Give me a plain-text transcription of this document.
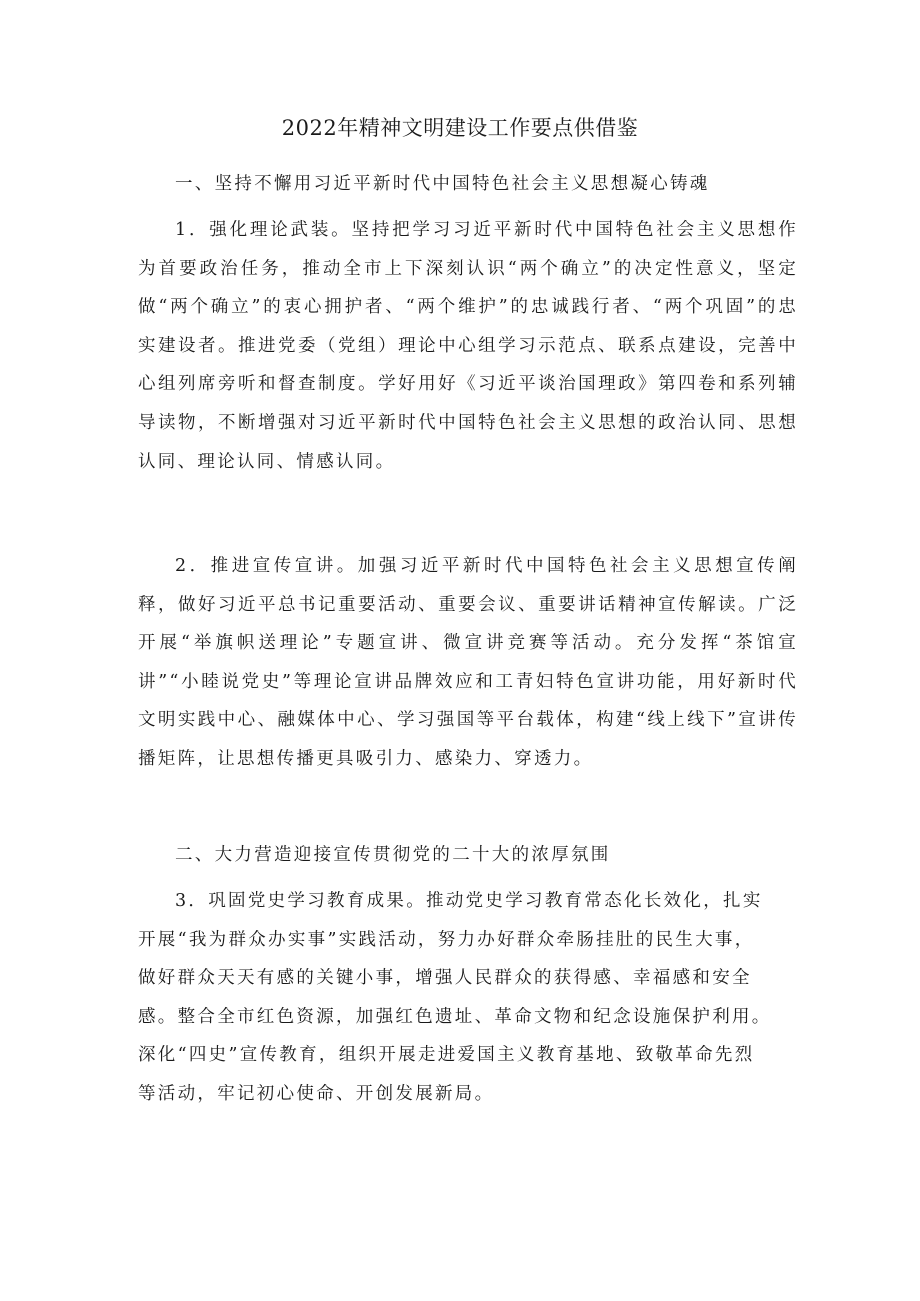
2022年精神文明建设工作要点供借鉴

一、坚持不懈用习近平新时代中国特色社会主义思想凝心铸魂

1．强化理论武装。坚持把学习习近平新时代中国特色社会主义思想作为首要政治任务，推动全市上下深刻认识“两个确立”的决定性意义，坚定做“两个确立”的衷心拥护者、“两个维护”的忠诚践行者、“两个巩固”的忠实建设者。推进党委（党组）理论中心组学习示范点、联系点建设，完善中心组列席旁听和督查制度。学好用好《习近平谈治国理政》第四卷和系列辅导读物，不断增强对习近平新时代中国特色社会主义思想的政治认同、思想认同、理论认同、情感认同。

2．推进宣传宣讲。加强习近平新时代中国特色社会主义思想宣传阐释，做好习近平总书记重要活动、重要会议、重要讲话精神宣传解读。广泛开展“举旗帜送理论”专题宣讲、微宣讲竞赛等活动。充分发挥“茶馆宣讲”“小睦说党史”等理论宣讲品牌效应和工青妇特色宣讲功能，用好新时代文明实践中心、融媒体中心、学习强国等平台载体，构建“线上线下”宣讲传播矩阵，让思想传播更具吸引力、感染力、穿透力。

二、大力营造迎接宣传贯彻党的二十大的浓厚氛围

3．巩固党史学习教育成果。推动党史学习教育常态化长效化，扎实
开展“我为群众办实事”实践活动，努力办好群众牵肠挂肚的民生大事，
做好群众天天有感的关键小事，增强人民群众的获得感、幸福感和安全
感。整合全市红色资源，加强红色遗址、革命文物和纪念设施保护利用。
深化“四史”宣传教育，组织开展走进爱国主义教育基地、致敬革命先烈
等活动，牢记初心使命、开创发展新局。
